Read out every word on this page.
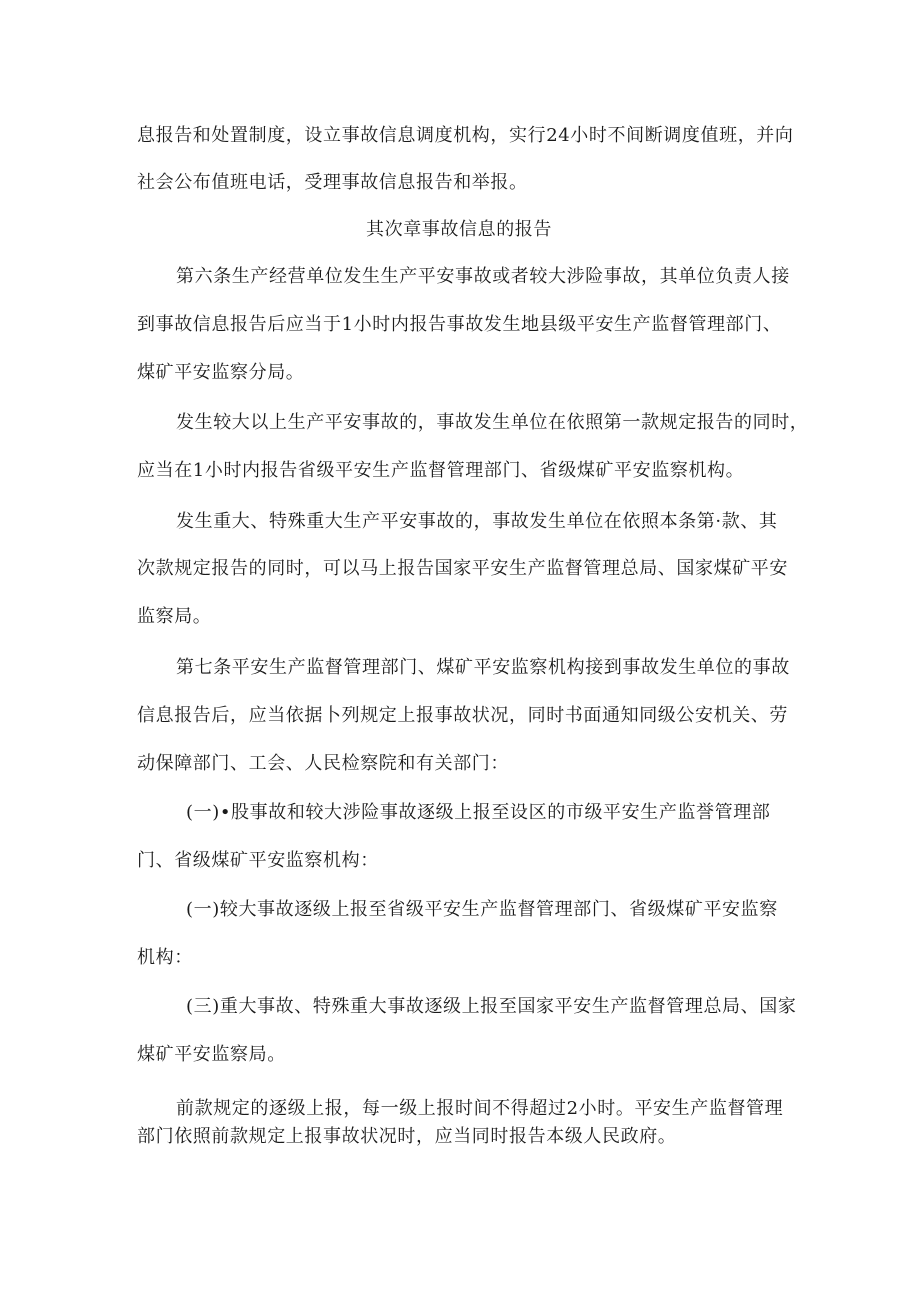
息报告和处置制度，设立事故信息调度机构，实行24小时不间断调度值班，并向
社会公布值班电话，受理事故信息报告和举报。
其次章事故信息的报告
第六条生产经营单位发生生产平安事故或者较大涉险事故，其单位负责人接
到事故信息报告后应当于1小时内报告事故发生地县级平安生产监督管理部门、
煤矿平安监察分局。
发生较大以上生产平安事故的，事故发生单位在依照第一款规定报告的同时，
应当在1小时内报告省级平安生产监督管理部门、省级煤矿平安监察机构。
发生重大、特殊重大生产平安事故的，事故发生单位在依照本条第·款、其
次款规定报告的同时，可以马上报告国家平安生产监督管理总局、国家煤矿平安
监察局。
第七条平安生产监督管理部门、煤矿平安监察机构接到事故发生单位的事故
信息报告后，应当依据卜列规定上报事故状况，同时书面通知同级公安机关、劳
动保障部门、工会、人民检察院和有关部门：
(一)•股事故和较大涉险事故逐级上报至设区的市级平安生产监誉管理部
门、省级煤矿平安监察机构：
(一)较大事故逐级上报至省级平安生产监督管理部门、省级煤矿平安监察
机构：
(三)重大事故、特殊重大事故逐级上报至国家平安生产监督管理总局、国家
煤矿平安监察局。
前款规定的逐级上报，每一级上报时间不得超过2小时。平安生产监督管理
部门依照前款规定上报事故状况时，应当同时报告本级人民政府。
